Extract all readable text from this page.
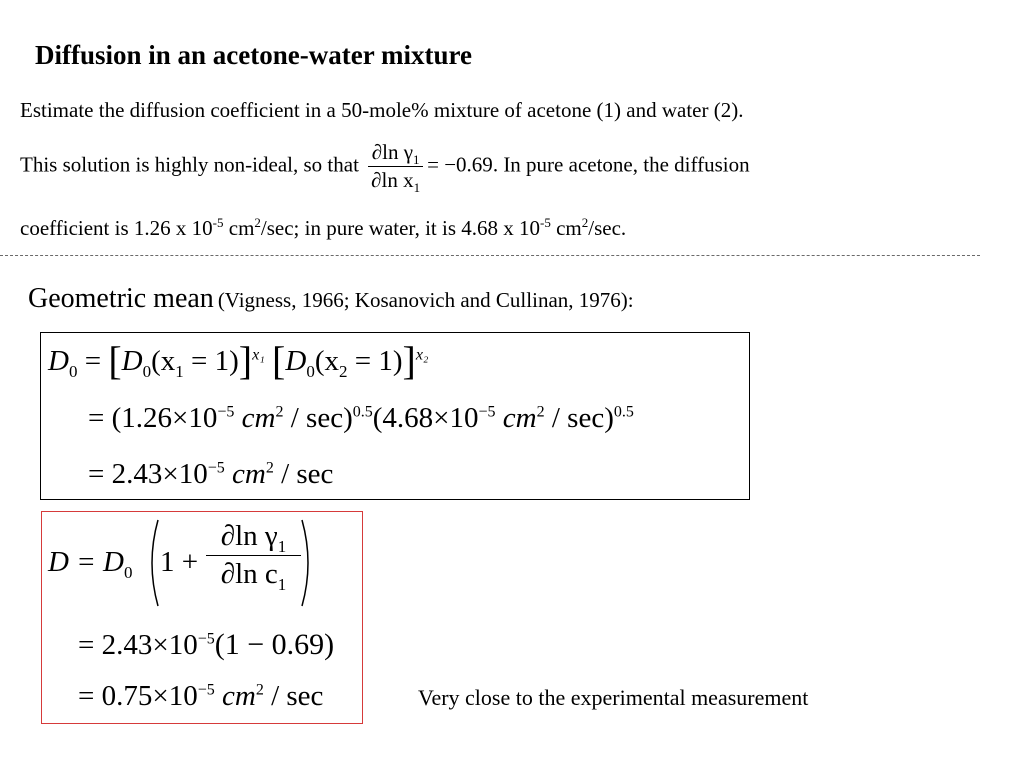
Diffusion in an acetone-water mixture
Estimate the diffusion coefficient in a 50-mole% mixture of acetone (1) and water (2).
This solution is highly non-ideal, so that $\frac{\partial\ln \gamma_1}{\partial\ln x_1} = -0.69$. In pure acetone, the diffusion
coefficient is 1.26 x $10^{-5}$ $cm^2/\sec$; in pure water, it is 4.68 x $10^{-5}$ $cm^2/\sec$.
Geometric mean (Vigness, 1966; Kosanovich and Cullinan, 1976):
$D_0 = [D_0(x_1 = 1)]^{x_1}$ $[D_0(x_2 = 1)]^{x_2}$
= ($1.26\times 10^{-5}$ $cm^2 / \sec)^{0.5}(4.68\times 10^{-5}$ $cm^2 / \sec)^{0.5}$
= $2.43\times 10^{-5}$ $cm^2$ / sec
$D = D_0$ 1 +
∂ln $\gamma_1$
∂ln $c_1$
= $2.43\times 10^{-5}(1 - 0.69)$
= $0.75\times 10^{-5}$ $cm^2$ / sec	Very close to the experimental measurement
